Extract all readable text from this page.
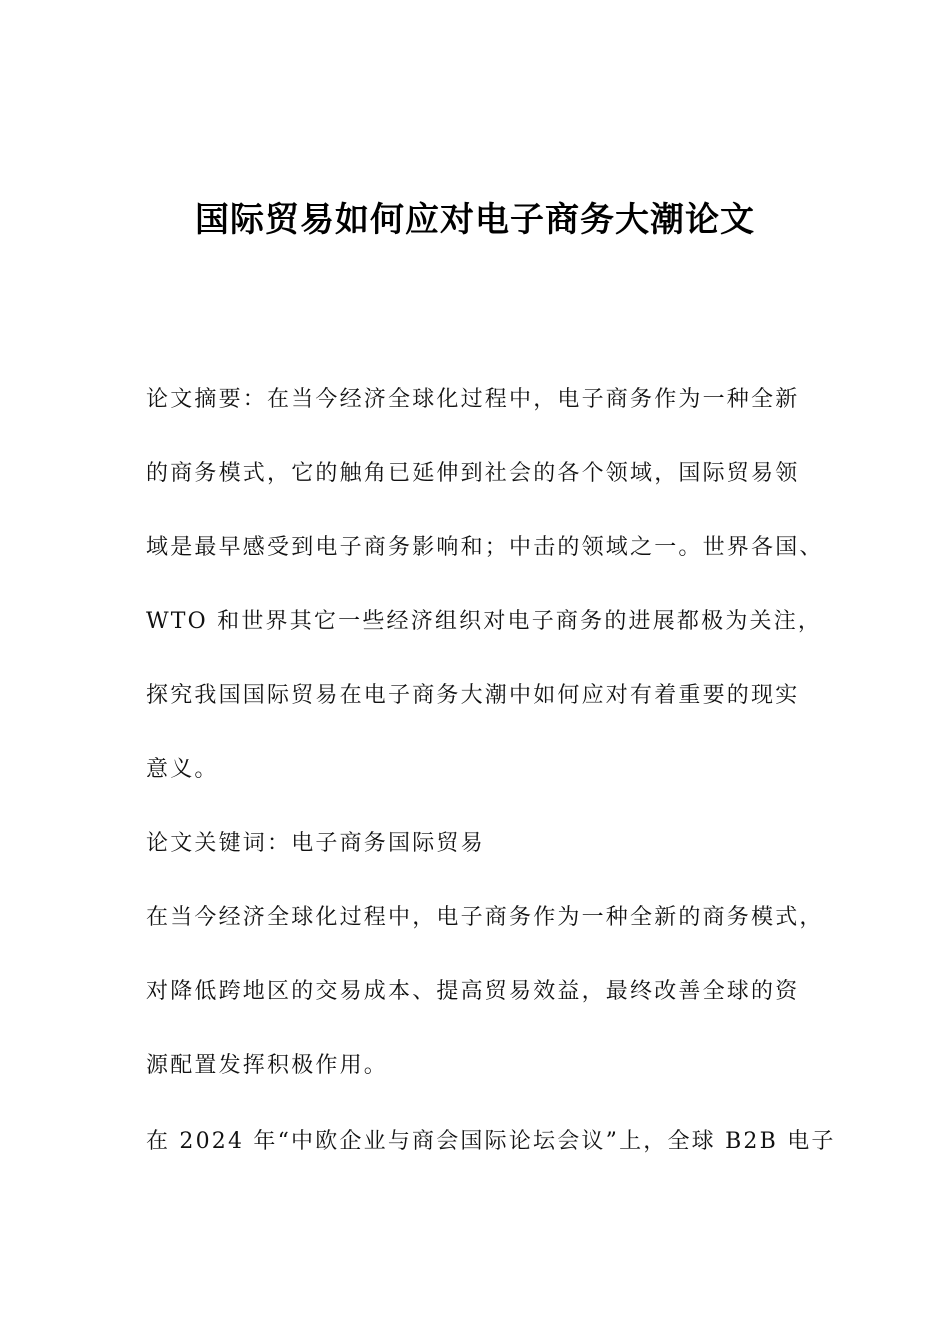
国际贸易如何应对电子商务大潮论文
论文摘要：在当今经济全球化过程中，电子商务作为一种全新
的商务模式，它的触角已延伸到社会的各个领域，国际贸易领
域是最早感受到电子商务影响和；中击的领域之一。世界各国、
WTO 和世界其它一些经济组织对电子商务的进展都极为关注，
探究我国国际贸易在电子商务大潮中如何应对有着重要的现实
意义。
论文关键词：电子商务国际贸易
在当今经济全球化过程中，电子商务作为一种全新的商务模式，
对降低跨地区的交易成本、提高贸易效益，最终改善全球的资
源配置发挥积极作用。
在 2024 年“中欧企业与商会国际论坛会议”上，全球 B2B 电子
